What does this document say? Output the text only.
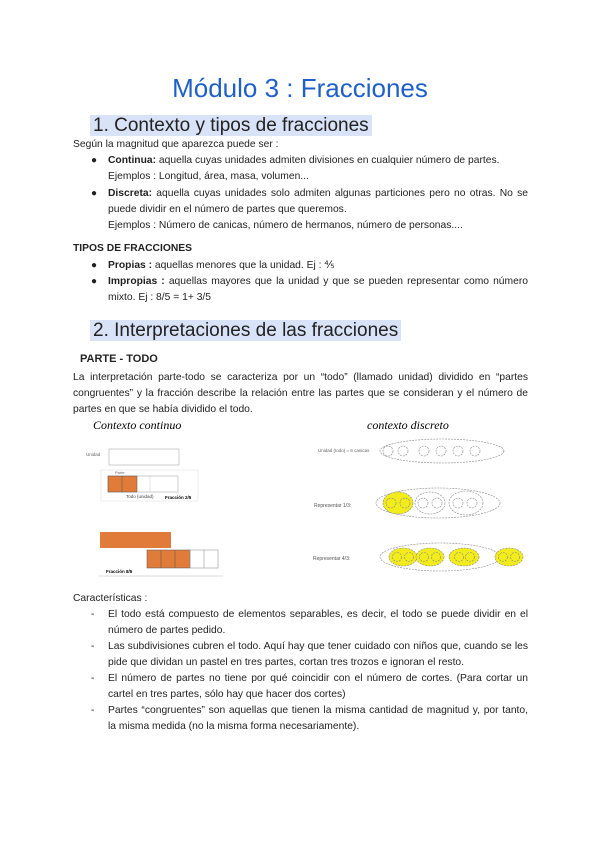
Módulo 3 : Fracciones
1. Contexto y tipos de fracciones
Según la magnitud que aparezca puede ser :
● Continua: aquella cuyas unidades admiten divisiones en cualquier número de partes.
Ejemplos : Longitud, área, masa, volumen...
● Discreta: aquella cuyas unidades solo admiten algunas particiones pero no otras. No se puede dividir en el número de partes que queremos.
Ejemplos : Número de canicas, número de hermanos, número de personas....
TIPOS DE FRACCIONES
● Propias : aquellas menores que la unidad. Ej : ⅘
● Impropias : aquellas mayores que la unidad y que se pueden representar como número mixto. Ej : 8/5 = 1+ 3/5
2. Interpretaciones de las fracciones
PARTE - TODO
La interpretación parte-todo se caracteriza por un “todo” (llamado unidad) dividido en “partes congruentes” y la fracción describe la relación entre las partes que se consideran y el número de partes en que se había dividido el todo.
Contexto continuo	contexto discreto
Unidad
Parte
Todo (unidad)	Fracción 2/5
Fracción 8/5
Unidad (todo) = 6 canicas
Representar 1/3:
Representar 4/3:
Características :
- El todo está compuesto de elementos separables, es decir, el todo se puede dividir en el número de partes pedido.
- Las subdivisiones cubren el todo. Aquí hay que tener cuidado con niños que, cuando se les pide que dividan un pastel en tres partes, cortan tres trozos e ignoran el resto.
- El número de partes no tiene por qué coincidir con el número de cortes. (Para cortar un cartel en tres partes, sólo hay que hacer dos cortes)
- Partes “congruentes” son aquellas que tienen la misma cantidad de magnitud y, por tanto, la misma medida (no la misma forma necesariamente).
